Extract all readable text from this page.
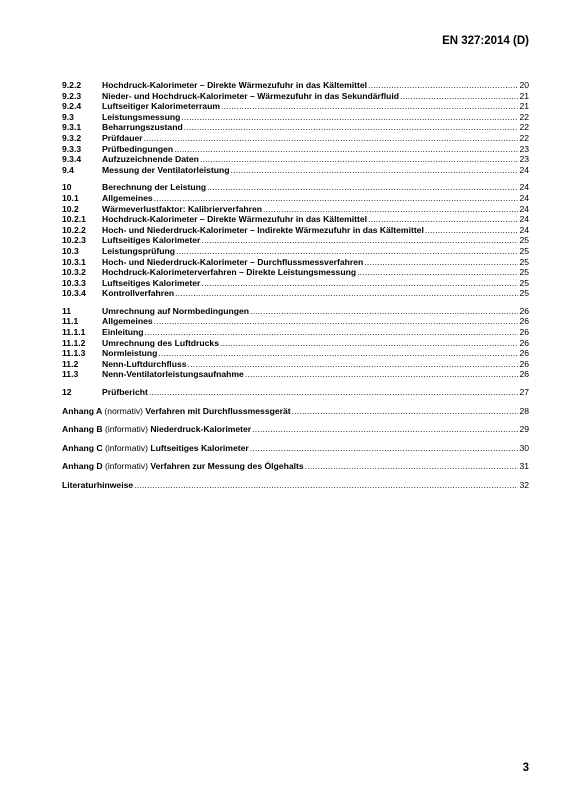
EN 327:2014 (D)
9.2.2	Hochdruck-Kalorimeter – Direkte Wärmezufuhr in das Kältemittel .....	20
9.2.3	Nieder- und Hochdruck-Kalorimeter – Wärmezufuhr in das Sekundärfluid .....	21
9.2.4	Luftseitiger Kalorimeterraum .....	21
9.3	Leistungsmessung .....	22
9.3.1	Beharrungszustand .....	22
9.3.2	Prüfdauer .....	22
9.3.3	Prüfbedingungen .....	23
9.3.4	Aufzuzeichnende Daten .....	23
9.4	Messung der Ventilatorleistung .....	24
10	Berechnung der Leistung .....	24
10.1	Allgemeines .....	24
10.2	Wärmeverlustfaktor: Kalibrierverfahren .....	24
10.2.1	Hochdruck-Kalorimeter – Direkte Wärmezufuhr in das Kältemittel .....	24
10.2.2	Hoch- und Niederdruck-Kalorimeter – Indirekte Wärmezufuhr in das Kältemittel .....	24
10.2.3	Luftseitiges Kalorimeter .....	25
10.3	Leistungsprüfung .....	25
10.3.1	Hoch- und Niederdruck-Kalorimeter – Durchflussmessverfahren .....	25
10.3.2	Hochdruck-Kalorimeterverfahren – Direkte Leistungsmessung .....	25
10.3.3	Luftseitiges Kalorimeter .....	25
10.3.4	Kontrollverfahren .....	25
11	Umrechnung auf Normbedingungen .....	26
11.1	Allgemeines .....	26
11.1.1	Einleitung .....	26
11.1.2	Umrechnung des Luftdrucks .....	26
11.1.3	Normleistung .....	26
11.2	Nenn-Luftdurchfluss .....	26
11.3	Nenn-Ventilatorleistungsaufnahme .....	26
12	Prüfbericht .....	27
Anhang A (normativ) Verfahren mit Durchflussmessgerät .....	28
Anhang B (informativ) Niederdruck-Kalorimeter .....	29
Anhang C (informativ) Luftseitiges Kalorimeter .....	30
Anhang D (informativ) Verfahren zur Messung des Ölgehalts .....	31
Literaturhinweise .....	32
3
